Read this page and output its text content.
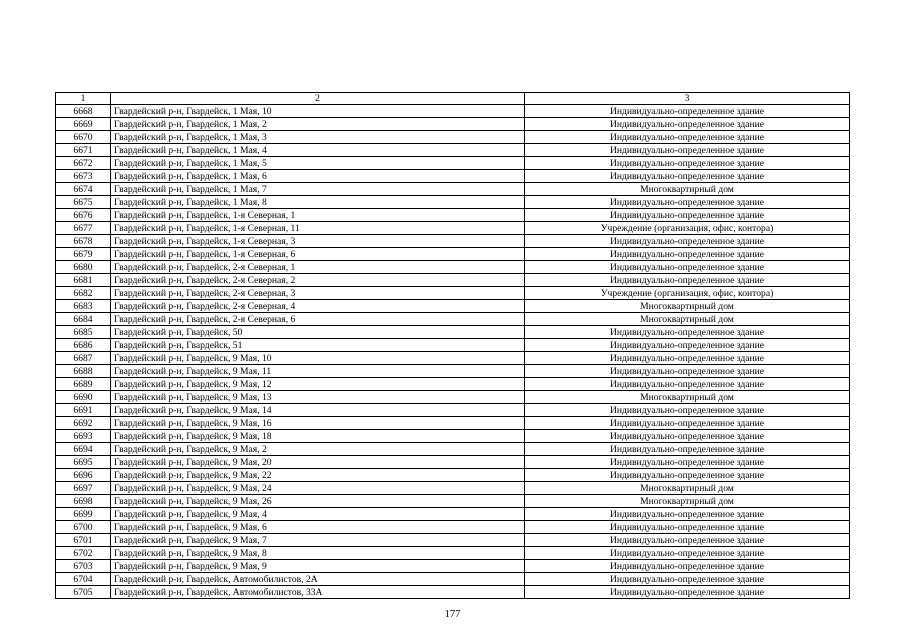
1	2	3
6668	Гвардейский р-н, Гвардейск, 1 Мая, 10	Индивидуально-определенное здание
6669	Гвардейский р-н, Гвардейск, 1 Мая, 2	Индивидуально-определенное здание
6670	Гвардейский р-н, Гвардейск, 1 Мая, 3	Индивидуально-определенное здание
6671	Гвардейский р-н, Гвардейск, 1 Мая, 4	Индивидуально-определенное здание
6672	Гвардейский р-н, Гвардейск, 1 Мая, 5	Индивидуально-определенное здание
6673	Гвардейский р-н, Гвардейск, 1 Мая, 6	Индивидуально-определенное здание
6674	Гвардейский р-н, Гвардейск, 1 Мая, 7	Многоквартирный дом
6675	Гвардейский р-н, Гвардейск, 1 Мая, 8	Индивидуально-определенное здание
6676	Гвардейский р-н, Гвардейск, 1-я Северная, 1	Индивидуально-определенное здание
6677	Гвардейский р-н, Гвардейск, 1-я Северная, 11	Учреждение (организация, офис, контора)
6678	Гвардейский р-н, Гвардейск, 1-я Северная, 3	Индивидуально-определенное здание
6679	Гвардейский р-н, Гвардейск, 1-я Северная, 6	Индивидуально-определенное здание
6680	Гвардейский р-н, Гвардейск, 2-я Северная, 1	Индивидуально-определенное здание
6681	Гвардейский р-н, Гвардейск, 2-я Северная, 2	Индивидуально-определенное здание
6682	Гвардейский р-н, Гвардейск, 2-я Северная, 3	Учреждение (организация, офис, контора)
6683	Гвардейский р-н, Гвардейск, 2-я Северная, 4	Многоквартирный дом
6684	Гвардейский р-н, Гвардейск, 2-я Северная, 6	Многоквартирный дом
6685	Гвардейский р-н, Гвардейск, 50	Индивидуально-определенное здание
6686	Гвардейский р-н, Гвардейск, 51	Индивидуально-определенное здание
6687	Гвардейский р-н, Гвардейск, 9 Мая, 10	Индивидуально-определенное здание
6688	Гвардейский р-н, Гвардейск, 9 Мая, 11	Индивидуально-определенное здание
6689	Гвардейский р-н, Гвардейск, 9 Мая, 12	Индивидуально-определенное здание
6690	Гвардейский р-н, Гвардейск, 9 Мая, 13	Многоквартирный дом
6691	Гвардейский р-н, Гвардейск, 9 Мая, 14	Индивидуально-определенное здание
6692	Гвардейский р-н, Гвардейск, 9 Мая, 16	Индивидуально-определенное здание
6693	Гвардейский р-н, Гвардейск, 9 Мая, 18	Индивидуально-определенное здание
6694	Гвардейский р-н, Гвардейск, 9 Мая, 2	Индивидуально-определенное здание
6695	Гвардейский р-н, Гвардейск, 9 Мая, 20	Индивидуально-определенное здание
6696	Гвардейский р-н, Гвардейск, 9 Мая, 22	Индивидуально-определенное здание
6697	Гвардейский р-н, Гвардейск, 9 Мая, 24	Многоквартирный дом
6698	Гвардейский р-н, Гвардейск, 9 Мая, 26	Многоквартирный дом
6699	Гвардейский р-н, Гвардейск, 9 Мая, 4	Индивидуально-определенное здание
6700	Гвардейский р-н, Гвардейск, 9 Мая, 6	Индивидуально-определенное здание
6701	Гвардейский р-н, Гвардейск, 9 Мая, 7	Индивидуально-определенное здание
6702	Гвардейский р-н, Гвардейск, 9 Мая, 8	Индивидуально-определенное здание
6703	Гвардейский р-н, Гвардейск, 9 Мая, 9	Индивидуально-определенное здание
6704	Гвардейский р-н, Гвардейск, Автомобилистов, 2А	Индивидуально-определенное здание
6705	Гвардейский р-н, Гвардейск, Автомобилистов, 33А	Индивидуально-определенное здание
177
